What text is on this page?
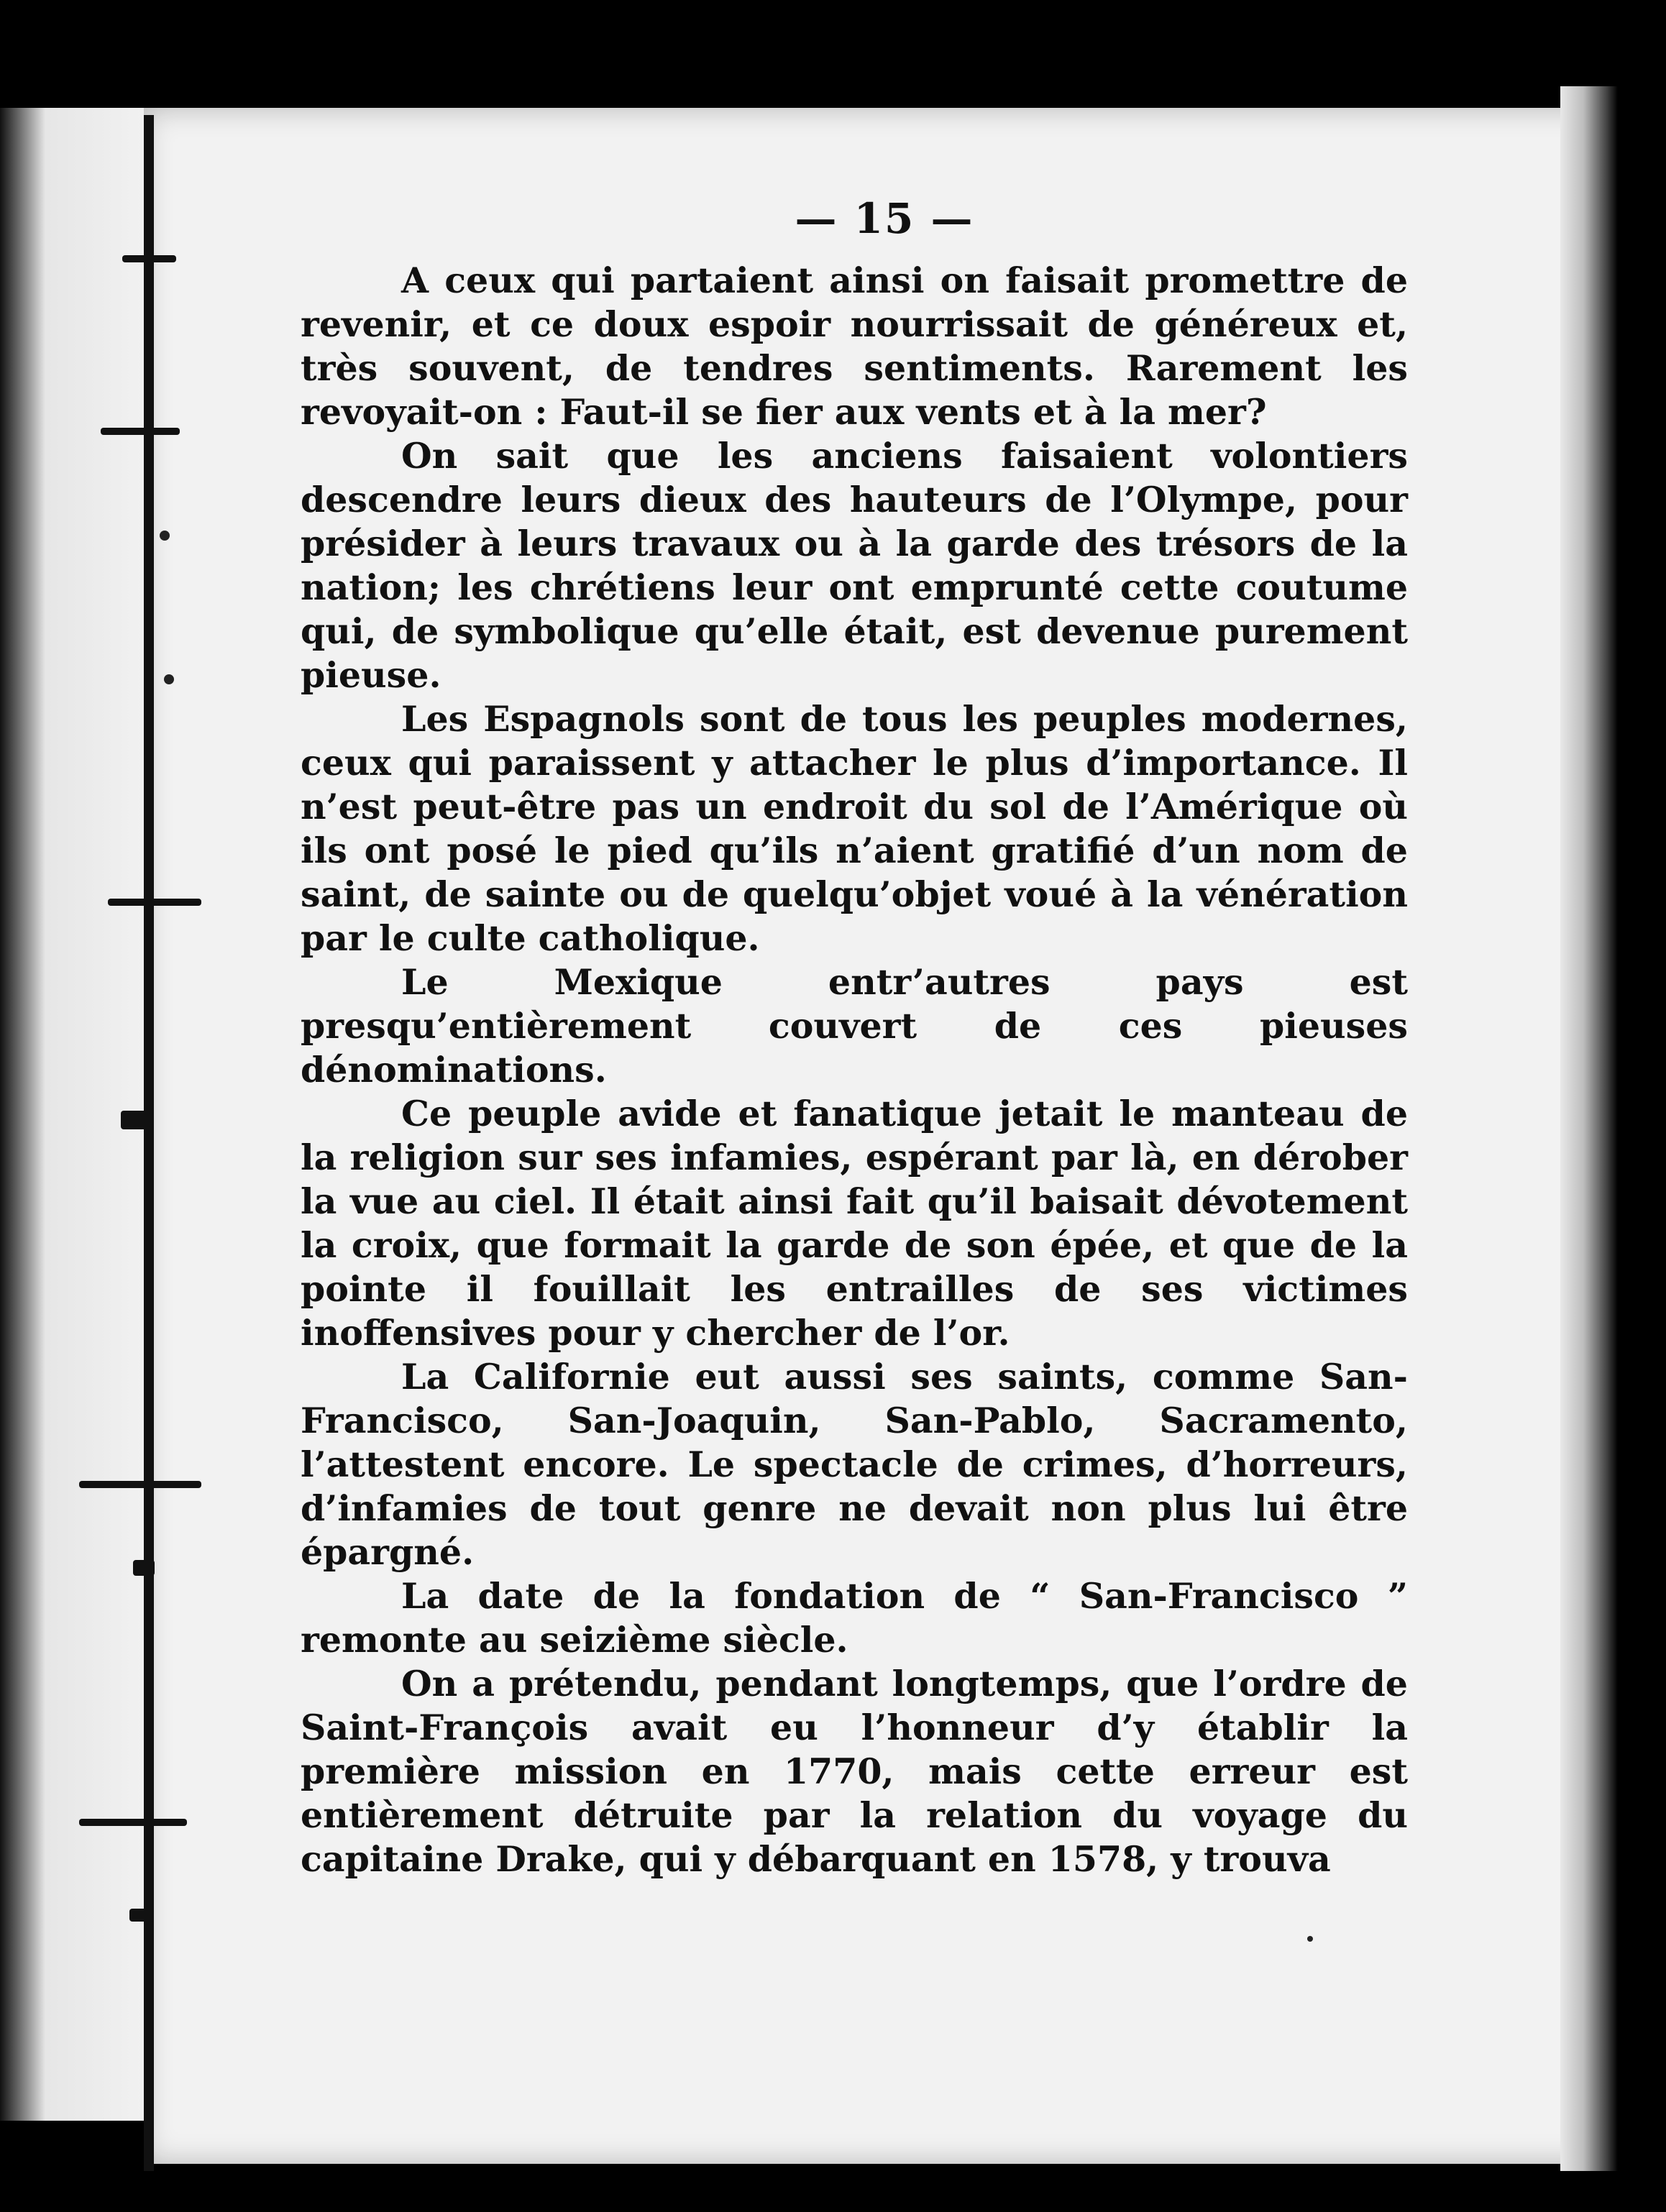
— 15 —

A ceux qui partaient ainsi on faisait promettre de revenir, et ce doux espoir nourrissait de généreux et, très souvent, de tendres sentiments. Rarement les revoyait-on : Faut-il se fier aux vents et à la mer?

On sait que les anciens faisaient volontiers descendre leurs dieux des hauteurs de l’Olympe, pour présider à leurs travaux ou à la garde des trésors de la nation; les chrétiens leur ont emprunté cette coutume qui, de symbolique qu’elle était, est devenue purement pieuse.

Les Espagnols sont de tous les peuples modernes, ceux qui paraissent y attacher le plus d’importance. Il n’est peut-être pas un endroit du sol de l’Amérique où ils ont posé le pied qu’ils n’aient gratifié d’un nom de saint, de sainte ou de quelqu’objet voué à la vénération par le culte catholique.

Le Mexique entr’autres pays est presqu’entièrement couvert de ces pieuses dénominations.

Ce peuple avide et fanatique jetait le manteau de la religion sur ses infamies, espérant par là, en dérober la vue au ciel. Il était ainsi fait qu’il baisait dévotement la croix, que formait la garde de son épée, et que de la pointe il fouillait les entrailles de ses victimes inoffensives pour y chercher de l’or.

La Californie eut aussi ses saints, comme San-Francisco, San-Joaquin, San-Pablo, Sacramento, l’attestent encore. Le spectacle de crimes, d’horreurs, d’infamies de tout genre ne devait non plus lui être épargné.

La date de la fondation de “ San-Francisco ” remonte au seizième siècle.

On a prétendu, pendant longtemps, que l’ordre de Saint-François avait eu l’honneur d’y établir la première mission en 1770, mais cette erreur est entièrement détruite par la relation du voyage du capitaine Drake, qui y débarquant en 1578, y trouva
